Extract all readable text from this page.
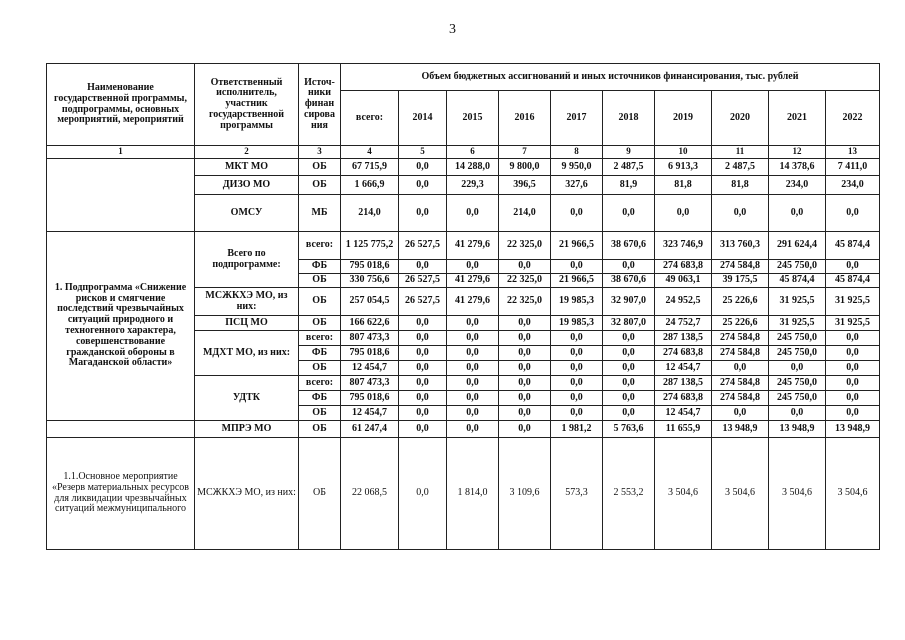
3
Наименование государственной программы, подпрограммы, основных мероприятий, мероприятий	Ответственный исполнитель, участник государственной программы	Источ-ники финан сирова ния	Объем бюджетных ассигнований и иных источников финансирования, тыс. рублей									
			всего:	2014	2015	2016	2017	2018	2019	2020	2021	2022
1	2	3	4	5	6	7	8	9	10	11	12	13
	МКТ МО	ОБ	67 715,9	0,0	14 288,0	9 800,0	9 950,0	2 487,5	6 913,3	2 487,5	14 378,6	7 411,0
	ДИЗО МО	ОБ	1 666,9	0,0	229,3	396,5	327,6	81,9	81,8	81,8	234,0	234,0
	ОМСУ	МБ	214,0	0,0	0,0	214,0	0,0	0,0	0,0	0,0	0,0	0,0
1. Подпрограмма «Снижение рисков и смягчение последствий чрезвычайных ситуаций природного и техногенного характера, совершенствование гражданской обороны в Магаданской области»	Всего по подпрограмме:	всего:	1 125 775,2	26 527,5	41 279,6	22 325,0	21 966,5	38 670,6	323 746,9	313 760,3	291 624,4	45 874,4
		ФБ	795 018,6	0,0	0,0	0,0	0,0	0,0	274 683,8	274 584,8	245 750,0	0,0
		ОБ	330 756,6	26 527,5	41 279,6	22 325,0	21 966,5	38 670,6	49 063,1	39 175,5	45 874,4	45 874,4
	МСЖКХЭ МО, из них:	ОБ	257 054,5	26 527,5	41 279,6	22 325,0	19 985,3	32 907,0	24 952,5	25 226,6	31 925,5	31 925,5
	ПСЦ МО	ОБ	166 622,6	0,0	0,0	0,0	19 985,3	32 807,0	24 752,7	25 226,6	31 925,5	31 925,5
	МДХТ МО, из них:	всего:	807 473,3	0,0	0,0	0,0	0,0	0,0	287 138,5	274 584,8	245 750,0	0,0
		ФБ	795 018,6	0,0	0,0	0,0	0,0	0,0	274 683,8	274 584,8	245 750,0	0,0
		ОБ	12 454,7	0,0	0,0	0,0	0,0	0,0	12 454,7	0,0	0,0	0,0
	УДТК	всего:	807 473,3	0,0	0,0	0,0	0,0	0,0	287 138,5	274 584,8	245 750,0	0,0
		ФБ	795 018,6	0,0	0,0	0,0	0,0	0,0	274 683,8	274 584,8	245 750,0	0,0
		ОБ	12 454,7	0,0	0,0	0,0	0,0	0,0	12 454,7	0,0	0,0	0,0
	МПРЭ МО	ОБ	61 247,4	0,0	0,0	0,0	1 981,2	5 763,6	11 655,9	13 948,9	13 948,9	13 948,9
1.1.Основное мероприятие «Резерв материальных ресурсов для ликвидации чрезвычайных ситуаций межмуниципального	МСЖКХЭ МО, из них:	ОБ	22 068,5	0,0	1 814,0	3 109,6	573,3	2 553,2	3 504,6	3 504,6	3 504,6	3 504,6
